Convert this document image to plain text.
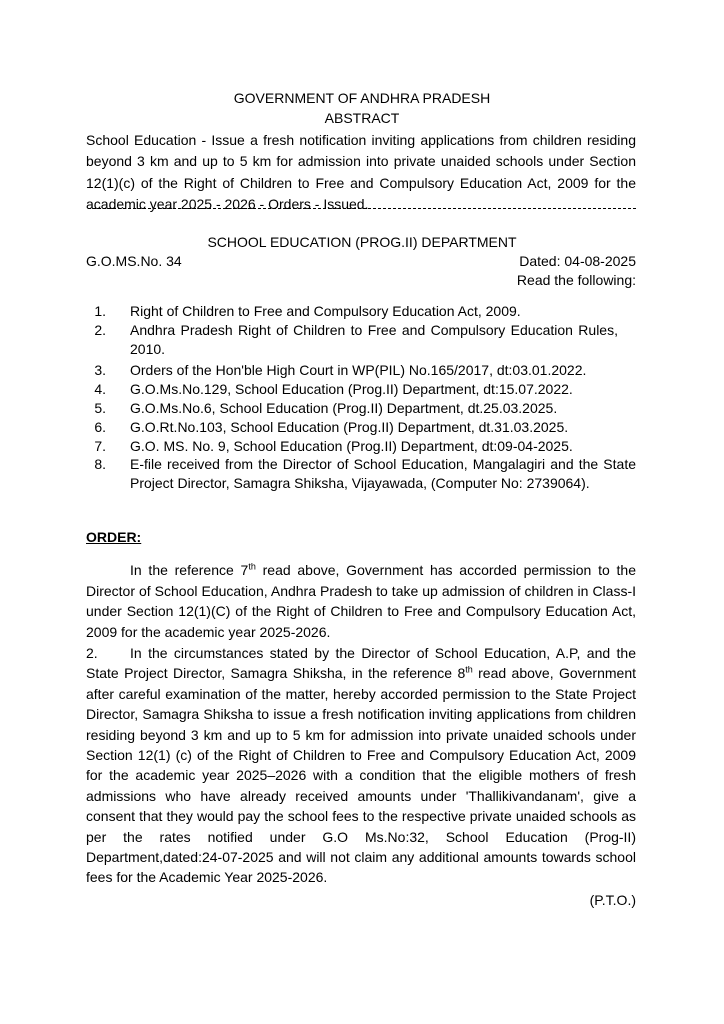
GOVERNMENT OF ANDHRA PRADESH
ABSTRACT
School Education - Issue a fresh notification inviting applications from children residing beyond 3 km and up to 5 km for admission into private unaided schools under Section 12(1)(c) of the Right of Children to Free and Compulsory Education Act, 2009 for the academic year 2025 - 2026 - Orders - Issued.
SCHOOL EDUCATION (PROG.II) DEPARTMENT
G.O.MS.No. 34	Dated: 04-08-2025
Read the following:
1. Right of Children to Free and Compulsory Education Act, 2009.
2. Andhra Pradesh Right of Children to Free and Compulsory Education Rules, 2010.
3. Orders of the Hon'ble High Court in WP(PIL) No.165/2017, dt:03.01.2022.
4. G.O.Ms.No.129, School Education (Prog.II) Department, dt:15.07.2022.
5. G.O.Ms.No.6, School Education (Prog.II) Department, dt.25.03.2025.
6. G.O.Rt.No.103, School Education (Prog.II) Department, dt.31.03.2025.
7. G.O. MS. No. 9, School Education (Prog.II) Department, dt:09-04-2025.
8. E-file received from the Director of School Education, Mangalagiri and the State Project Director, Samagra Shiksha, Vijayawada, (Computer No: 2739064).
ORDER:
In the reference 7th read above, Government has accorded permission to the Director of School Education, Andhra Pradesh to take up admission of children in Class-I under Section 12(1)(C) of the Right of Children to Free and Compulsory Education Act, 2009 for the academic year 2025-2026.
2. In the circumstances stated by the Director of School Education, A.P, and the State Project Director, Samagra Shiksha, in the reference 8th read above, Government after careful examination of the matter, hereby accorded permission to the State Project Director, Samagra Shiksha to issue a fresh notification inviting applications from children residing beyond 3 km and up to 5 km for admission into private unaided schools under Section 12(1) (c) of the Right of Children to Free and Compulsory Education Act, 2009 for the academic year 2025–2026 with a condition that the eligible mothers of fresh admissions who have already received amounts under 'Thallikivandanam', give a consent that they would pay the school fees to the respective private unaided schools as per the rates notified under G.O Ms.No:32, School Education (Prog-II) Department,dated:24-07-2025 and will not claim any additional amounts towards school fees for the Academic Year 2025-2026.
(P.T.O.)
